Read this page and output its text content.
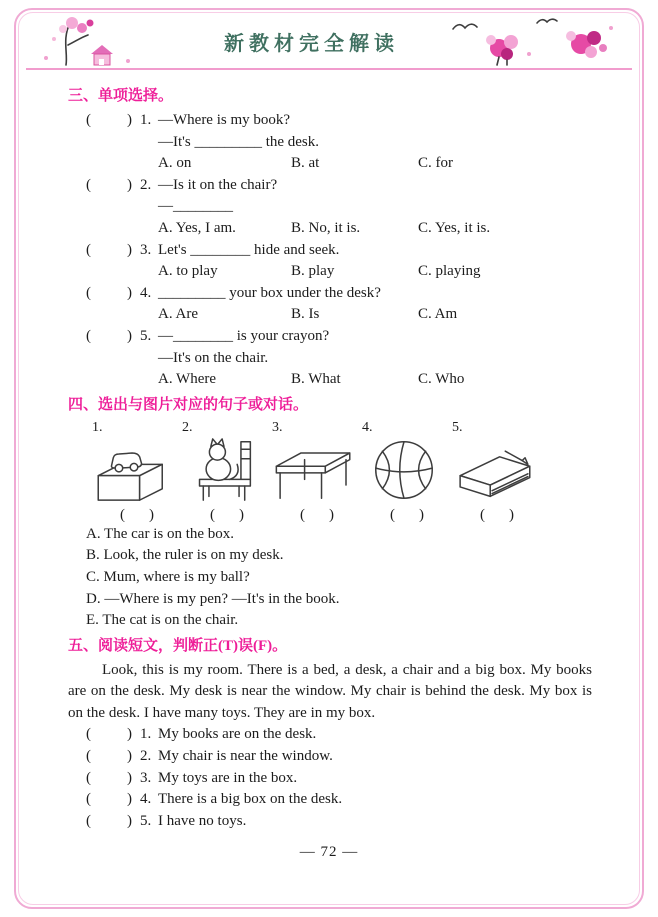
新教材完全解读
三、单项选择。
( ) 1. —Where is my book?
—It's _________ the desk.
A. on	B. at	C. for
( ) 2. —Is it on the chair?
—________
A. Yes, I am.	B. No, it is.	C. Yes, it is.
( ) 3. Let's ________ hide and seek.
A. to play	B. play	C. playing
( ) 4. _________ your box under the desk?
A. Are	B. Is	C. Am
( ) 5. —________ is your crayon?
—It's on the chair.
A. Where	B. What	C. Who
四、选出与图片对应的句子或对话。
1.
( )
2.
( )
3.
( )
4.
( )
5.
( )
A. The car is on the box.
B. Look, the ruler is on my desk.
C. Mum, where is my ball?
D. —Where is my pen? —It's in the book.
E. The cat is on the chair.
五、阅读短文，判断正(T)误(F)。
Look, this is my room. There is a bed, a desk, a chair and a big box. My books are on the desk. My desk is near the window. My chair is behind the desk. My box is on the desk. I have many toys. They are in my box.
( ) 1. My books are on the desk.
( ) 2. My chair is near the window.
( ) 3. My toys are in the box.
( ) 4. There is a big box on the desk.
( ) 5. I have no toys.
— 72 —
